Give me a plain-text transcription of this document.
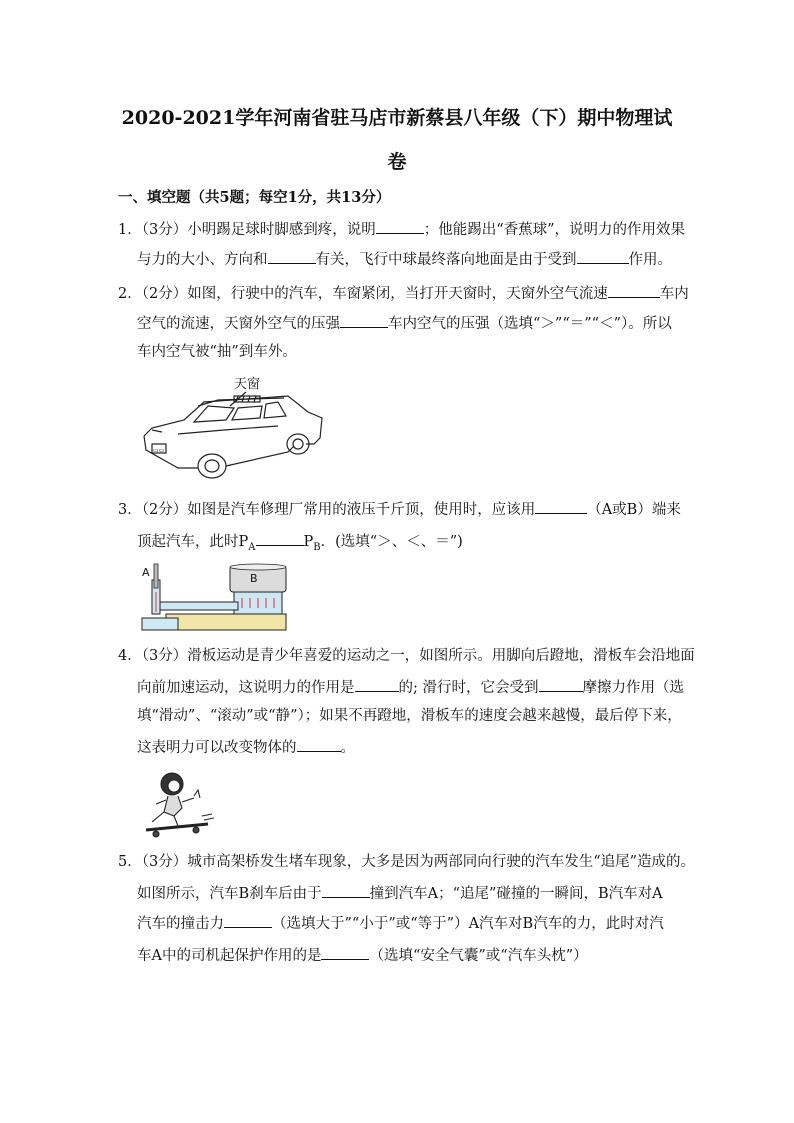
2020-2021学年河南省驻马店市新蔡县八年级（下）期中物理试
卷
一、填空题（共5题；每空1分，共13分）
1．（3分）小明踢足球时脚感到疼，说明	；他能踢出“香蕉球”，说明力的作用效果
与力的大小、方向和	有关，飞行中球最终落向地面是由于受到	作用。
2．（2分）如图，行驶中的汽车，车窗紧闭，当打开天窗时，天窗外空气流速	车内
空气的流速，天窗外空气的压强	车内空气的压强（选填“＞”“＝”“＜”）。所以
车内空气被“抽”到车外。
天窗
▭▭
3．（2分）如图是汽车修理厂常用的液压千斤顶，使用时，应该用	（A或B）端来
顶起汽车，此时$P_A$	$P_B$．(选填“＞、＜、＝”)
A	B
4．（3分）滑板运动是青少年喜爱的运动之一，如图所示。用脚向后蹬地，滑板车会沿地面
向前加速运动，这说明力的作用是	的; 滑行时，它会受到	摩擦力作用（选
填“滑动”、“滚动”或“静”）；如果不再蹬地，滑板车的速度会越来越慢，最后停下来，
这表明力可以改变物体的	。
5．（3分）城市高架桥发生堵车现象，大多是因为两部同向行驶的汽车发生“追尾”造成的。
如图所示，汽车B刹车后由于	撞到汽车A；“追尾”碰撞的一瞬间，B汽车对A
汽车的撞击力	（选填大于”“小于”或“等于”）A汽车对B汽车的力，此时对汽
车A中的司机起保护作用的是	（选填“安全气囊”或“汽车头枕”）
